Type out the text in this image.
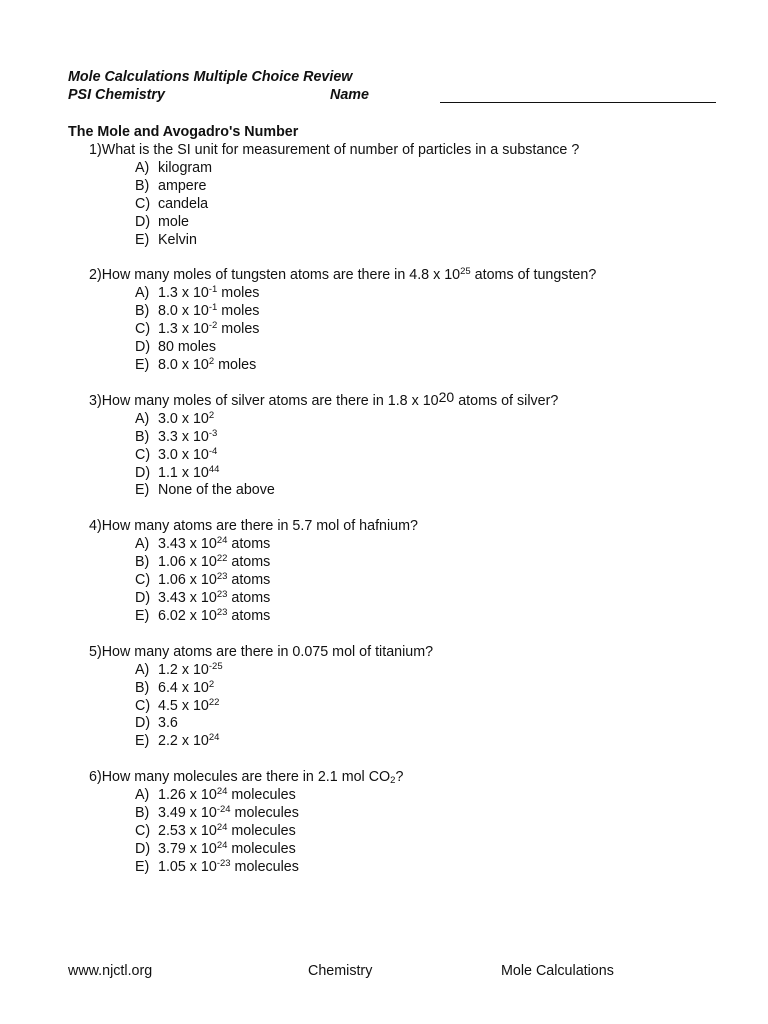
Mole Calculations Multiple Choice Review
PSI Chemistry	Name
The Mole and Avogadro's Number
1)What is the SI unit for measurement of number of particles in a substance ?
A) kilogram
B) ampere
C) candela
D) mole
E) Kelvin
2)How many moles of tungsten atoms are there in 4.8 x $10^{25}$ atoms of tungsten?
A) 1.3 x $10^{-1}$ moles
B) 8.0 x $10^{-1}$ moles
C) 1.3 x $10^{-2}$ moles
D) 80 moles
E) 8.0 x $10^2$ moles
3)How many moles of silver atoms are there in 1.8 x $10^{20}$ atoms of silver?
A) 3.0 x $10^2$
B) 3.3 x $10^{-3}$
C) 3.0 x $10^{-4}$
D) 1.1 x $10^{44}$
E) None of the above
4)How many atoms are there in 5.7 mol of hafnium?
A) 3.43 x $10^{24}$ atoms
B) 1.06 x $10^{22}$ atoms
C) 1.06 x $10^{23}$ atoms
D) 3.43 x $10^{23}$ atoms
E) 6.02 x $10^{23}$ atoms
5)How many atoms are there in 0.075 mol of titanium?
A) 1.2 x $10^{-25}$
B) 6.4 x $10^2$
C) 4.5 x $10^{22}$
D) 3.6
E) 2.2 x $10^{24}$
6)How many molecules are there in 2.1 mol $CO_2$?
A) 1.26 x $10^{24}$ molecules
B) 3.49 x $10^{-24}$ molecules
C) 2.53 x $10^{24}$ molecules
D) 3.79 x $10^{24}$ molecules
E) 1.05 x $10^{-23}$ molecules
www.njctl.org	Chemistry	Mole Calculations
